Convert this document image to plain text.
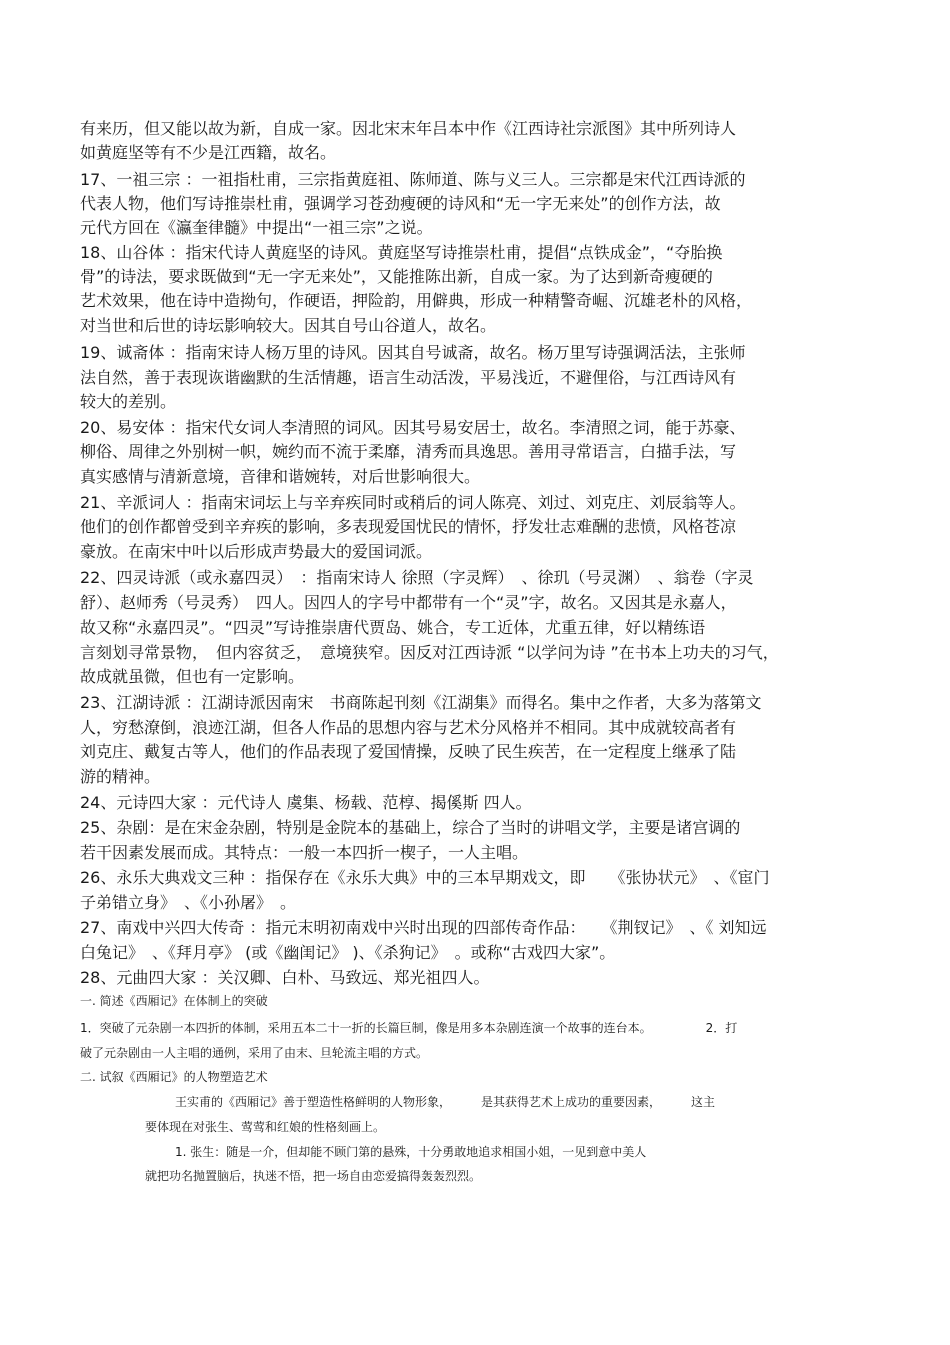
有来历，但又能以故为新，自成一家。因北宋末年吕本中作《江西诗社宗派图》其中所列诗人
如黄庭坚等有不少是江西籍，故名。
17、一祖三宗 ：一祖指杜甫，三宗指黄庭祖、陈师道、陈与义三人。三宗都是宋代江西诗派的
代表人物，他们写诗推崇杜甫，强调学习苍劲瘦硬的诗风和“无一字无来处”的创作方法，故
元代方回在《瀛奎律髓》中提出“一祖三宗”之说。
18、山谷体 ：指宋代诗人黄庭坚的诗风。黄庭坚写诗推崇杜甫，提倡“点铁成金”，“夺胎换
骨”的诗法，要求既做到“无一字无来处”，又能推陈出新，自成一家。为了达到新奇瘦硬的
艺术效果，他在诗中造拗句，作硬语，押险韵，用僻典，形成一种精警奇崛、沉雄老朴的风格，
对当世和后世的诗坛影响较大。因其自号山谷道人，故名。
19、诚斋体 ：指南宋诗人杨万里的诗风。因其自号诚斋，故名。杨万里写诗强调活法，主张师
法自然，善于表现诙谐幽默的生活情趣，语言生动活泼，平易浅近，不避俚俗，与江西诗风有
较大的差别。
20、易安体 ：指宋代女词人李清照的词风。因其号易安居士，故名。李清照之词，能于苏豪、
柳俗、周律之外别树一帜，婉约而不流于柔靡，清秀而具逸思。善用寻常语言，白描手法，写
真实感情与清新意境，音律和谐婉转，对后世影响很大。
21、辛派词人 ：指南宋词坛上与辛弃疾同时或稍后的词人陈亮、刘过、刘克庄、刘辰翁等人。
他们的创作都曾受到辛弃疾的影响，多表现爱国忧民的情怀，抒发壮志难酬的悲愤，风格苍凉
豪放。在南宋中叶以后形成声势最大的爱国词派。
22、四灵诗派（或永嘉四灵）　：指南宋诗人 徐照（字灵辉）　、徐玑（号灵渊）　、翁卷（字灵
舒）、赵师秀（号灵秀）　四人。因四人的字号中都带有一个“灵”字，故名。又因其是永嘉人，
故又称“永嘉四灵”。“四灵”写诗推崇唐代贾岛、姚合，专工近体，尤重五律，好以精练语
言刻划寻常景物，　但内容贫乏，　意境狭窄。因反对江西诗派 “以学问为诗 ”在书本上功夫的习气，
故成就虽微，但也有一定影响。
23、江湖诗派 ：江湖诗派因南宋　书商陈起刊刻《江湖集》而得名。集中之作者，大多为落第文
人，穷愁潦倒，浪迹江湖，但各人作品的思想内容与艺术分风格并不相同。其中成就较高者有
刘克庄、戴复古等人，他们的作品表现了爱国情操，反映了民生疾苦，在一定程度上继承了陆
游的精神。
24、元诗四大家 ：元代诗人 虞集、杨载、范椁、揭傒斯 四人。
25、杂剧：是在宋金杂剧，特别是金院本的基础上，综合了当时的讲唱文学，主要是诸宫调的
若干因素发展而成。其特点：一般一本四折一楔子，一人主唱。
26、永乐大典戏文三种 ：指保存在《永乐大典》中的三本早期戏文，即　　《张协状元》　、《宦门
子弟错立身》　、《小孙屠》　。
27、南戏中兴四大传奇 ：指元末明初南戏中兴时出现的四部传奇作品：　　《荆钗记》　、《 刘知远
白兔记》　、《拜月亭》 (或《幽闺记》 )、《杀狗记》　。或称“古戏四大家”。
28、元曲四大家 ：关汉卿、白朴、马致远、郑光祖四人。
一. 简述《西厢记》在体制上的突破
1．突破了元杂剧一本四折的体制，采用五本二十一折的长篇巨制，像是用多本杂剧连演一个故事的连台本。　　　　　2．打
破了元杂剧由一人主唱的通例，采用了由末、旦轮流主唱的方式。
二. 试叙《西厢记》的人物塑造艺术
王实甫的《西厢记》善于塑造性格鲜明的人物形象，　　　是其获得艺术上成功的重要因素，　　　这主
要体现在对张生、莺莺和红娘的性格刻画上。
1. 张生：随是一介，但却能不顾门第的悬殊，十分勇敢地追求相国小姐，一见到意中美人
就把功名抛置脑后，执迷不悟，把一场自由恋爱搞得轰轰烈烈。
